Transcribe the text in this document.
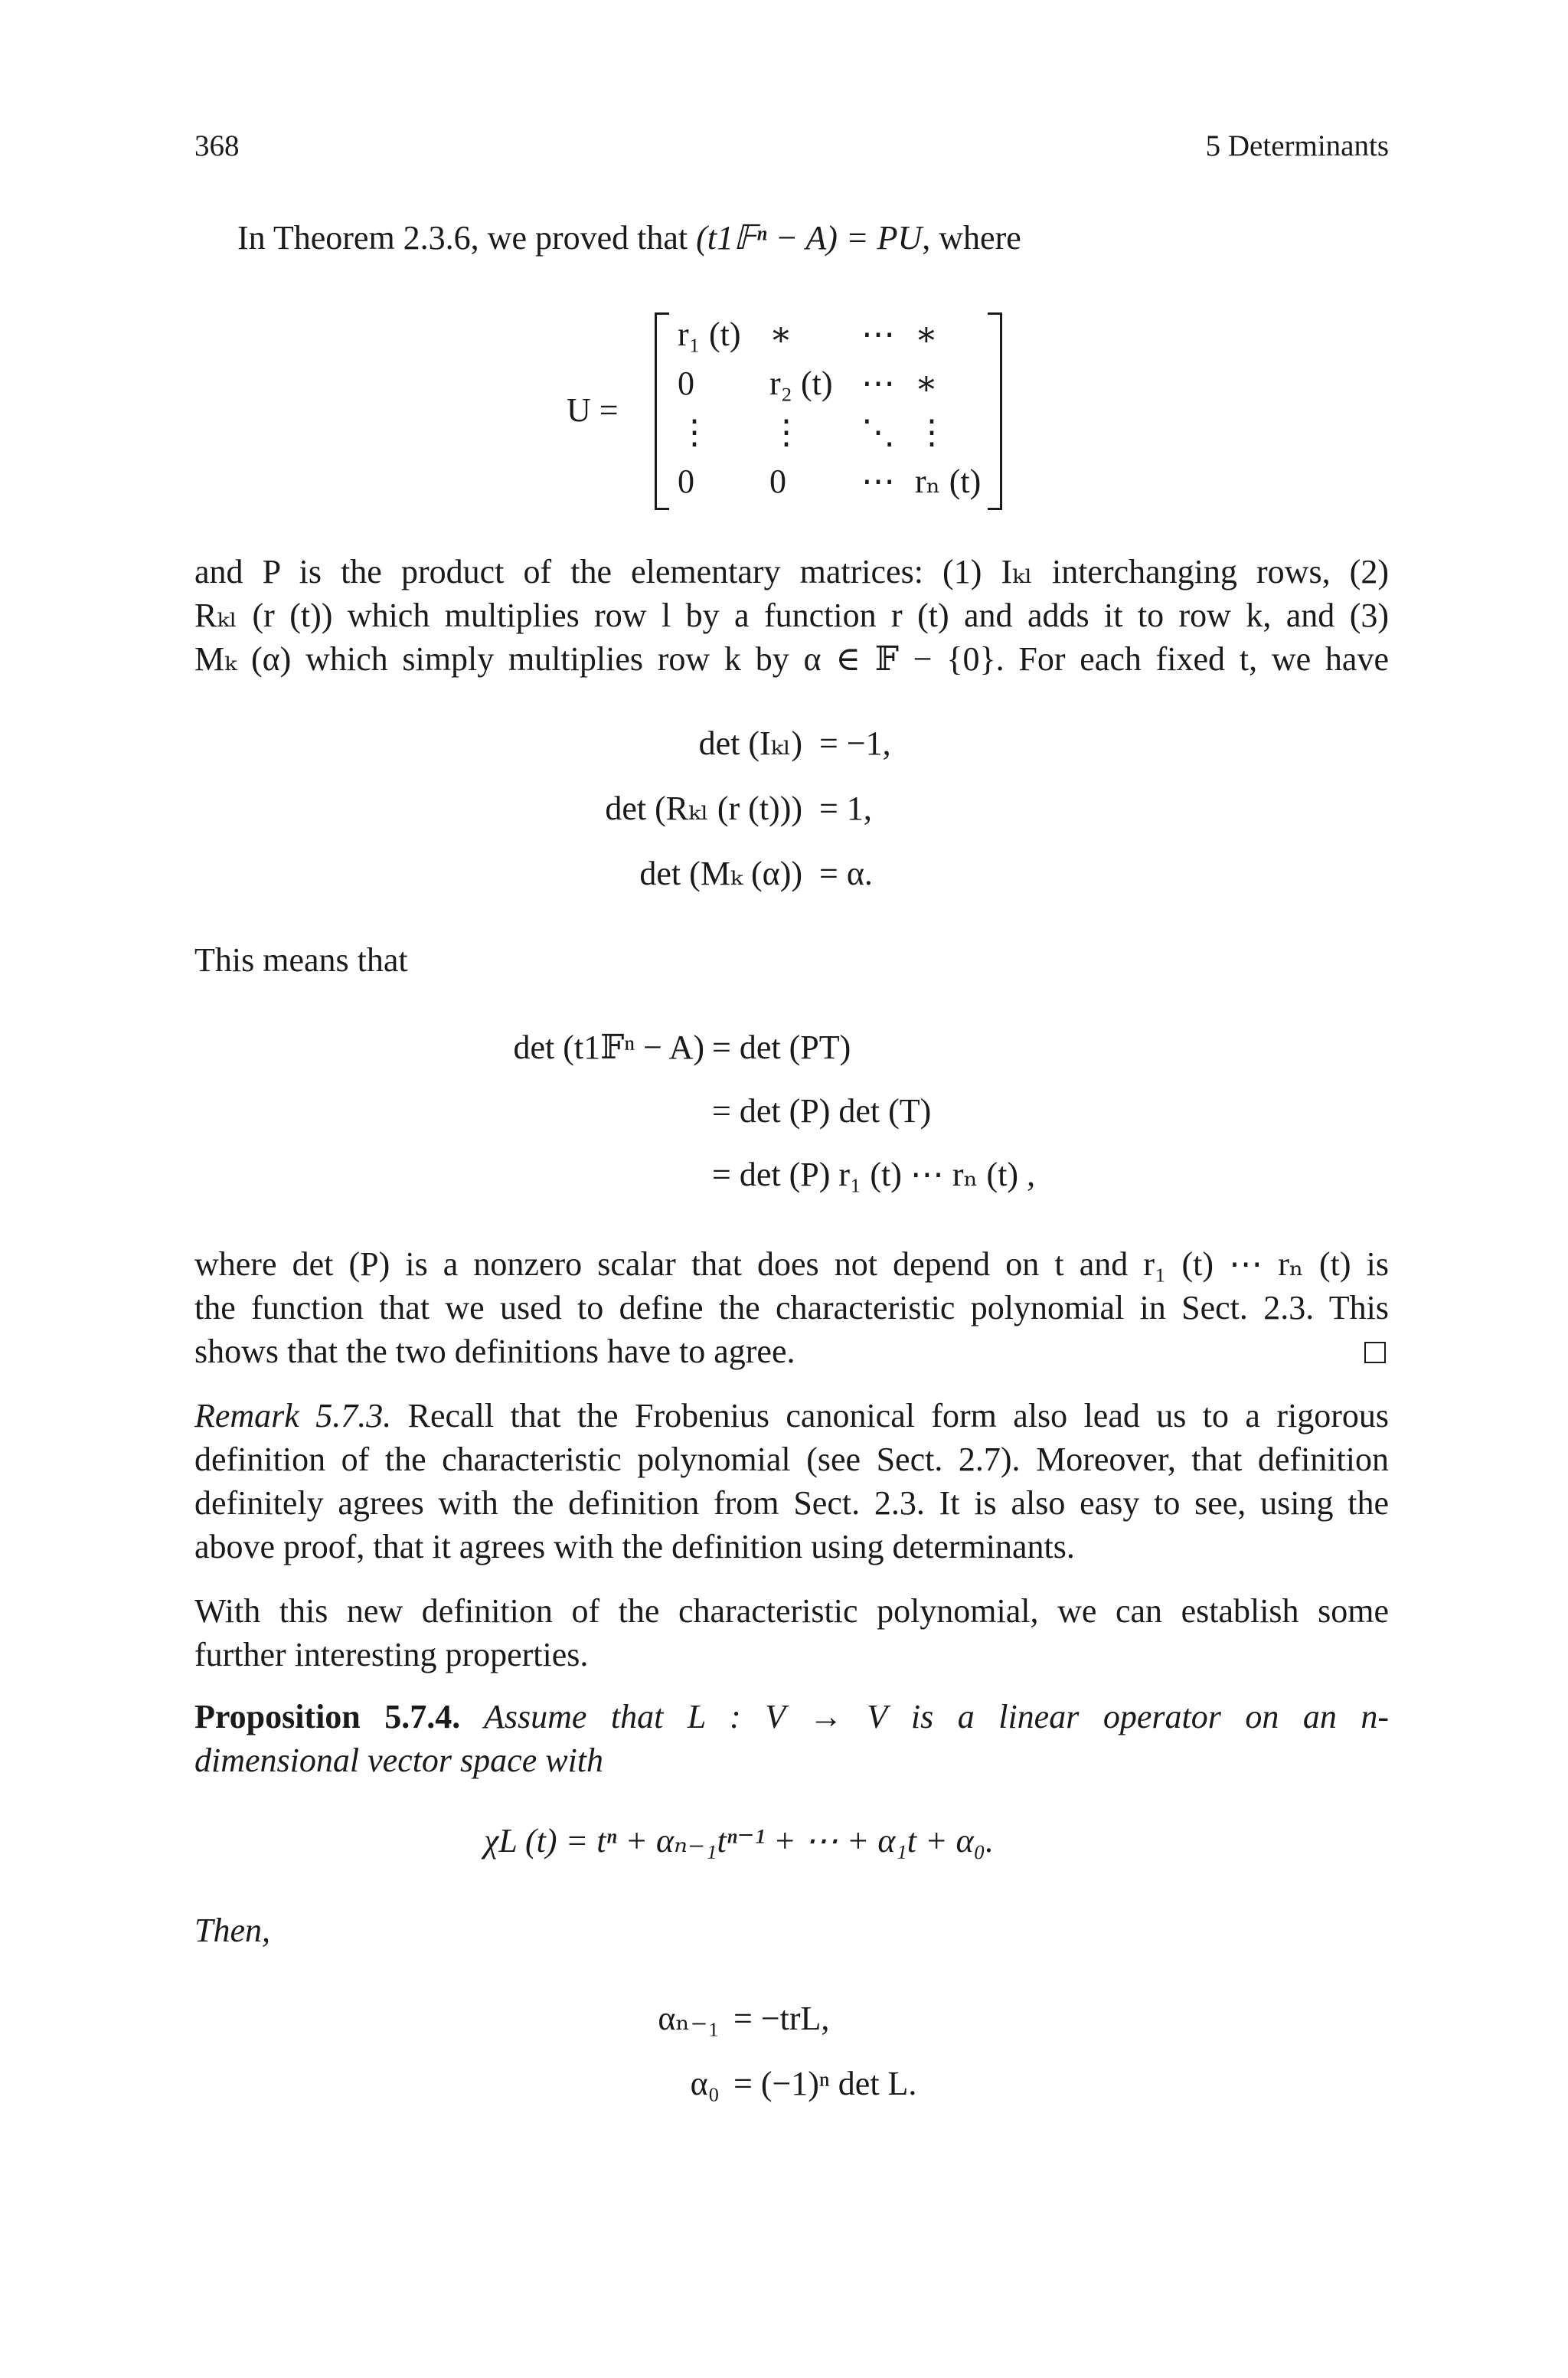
368	5 Determinants
In Theorem 2.3.6, we proved that (t1𝔽ⁿ − A) = PU, where
U =
r₁ (t)	∗	⋯	∗
0	r₂ (t)	⋯	∗
⋮	⋮	⋱	⋮
0	0	⋯	rₙ (t)
and P is the product of the elementary matrices: (1) Iₖₗ interchanging rows, (2)
Rₖₗ (r (t)) which multiplies row l by a function r (t) and adds it to row k, and (3)
Mₖ (α) which simply multiplies row k by α ∈ 𝔽 − {0}. For each fixed t, we have
det (Iₖₗ) = −1,
det (Rₖₗ (r (t))) = 1,
det (Mₖ (α)) = α.
This means that
det (t1𝔽ⁿ − A) = det (PT)
= det (P) det (T)
= det (P) r₁ (t) ⋯ rₙ (t) ,
where det (P) is a nonzero scalar that does not depend on t and r₁ (t) ⋯ rₙ (t) is
the function that we used to define the characteristic polynomial in Sect. 2.3. This
shows that the two definitions have to agree.
Remark 5.7.3. Recall that the Frobenius canonical form also lead us to a rigorous
definition of the characteristic polynomial (see Sect. 2.7). Moreover, that definition
definitely agrees with the definition from Sect. 2.3. It is also easy to see, using the
above proof, that it agrees with the definition using determinants.
With this new definition of the characteristic polynomial, we can establish some
further interesting properties.
Proposition 5.7.4. Assume that L : V → V is a linear operator on an n-
dimensional vector space with
χL (t) = tⁿ + αₙ₋₁tⁿ⁻¹ + ⋯ + α₁t + α₀.
Then,
αₙ₋₁ = −trL,
α₀ = (−1)ⁿ det L.
